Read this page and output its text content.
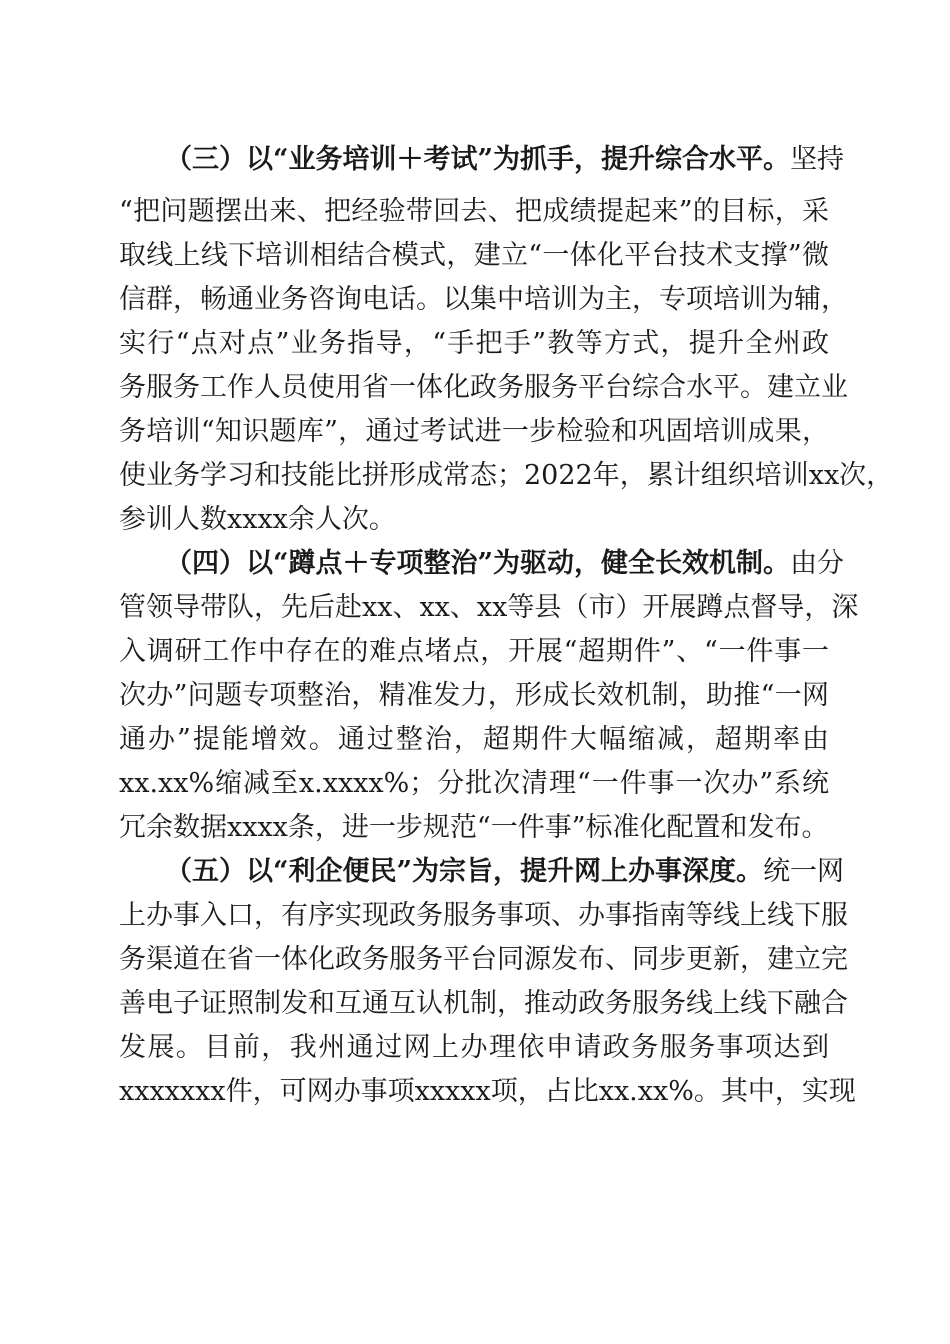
（三）以“业务培训＋考试”为抓手，提升综合水平。坚持
“把问题摆出来、把经验带回去、把成绩提起来”的目标，采
取线上线下培训相结合模式，建立“一体化平台技术支撑”微
信群，畅通业务咨询电话。以集中培训为主，专项培训为辅，
实行“点对点”业务指导，“手把手”教等方式，提升全州政
务服务工作人员使用省一体化政务服务平台综合水平。建立业
务培训“知识题库”，通过考试进一步检验和巩固培训成果，
使业务学习和技能比拼形成常态；2022年，累计组织培训xx次，
参训人数xxxx余人次。
（四）以“蹲点＋专项整治”为驱动，健全长效机制。由分
管领导带队，先后赴xx、xx、xx等县（市）开展蹲点督导，深
入调研工作中存在的难点堵点，开展“超期件”、“一件事一
次办”问题专项整治，精准发力，形成长效机制，助推“一网
通办”提能增效。通过整治，超期件大幅缩减，超期率由
xx.xx%缩减至x.xxxx%；分批次清理“一件事一次办”系统
冗余数据xxxx条，进一步规范“一件事”标准化配置和发布。
（五）以“利企便民”为宗旨，提升网上办事深度。统一网
上办事入口，有序实现政务服务事项、办事指南等线上线下服
务渠道在省一体化政务服务平台同源发布、同步更新，建立完
善电子证照制发和互通互认机制，推动政务服务线上线下融合
发展。目前，我州通过网上办理依申请政务服务事项达到
xxxxxxx件，可网办事项xxxxx项，占比xx.xx%。其中，实现
